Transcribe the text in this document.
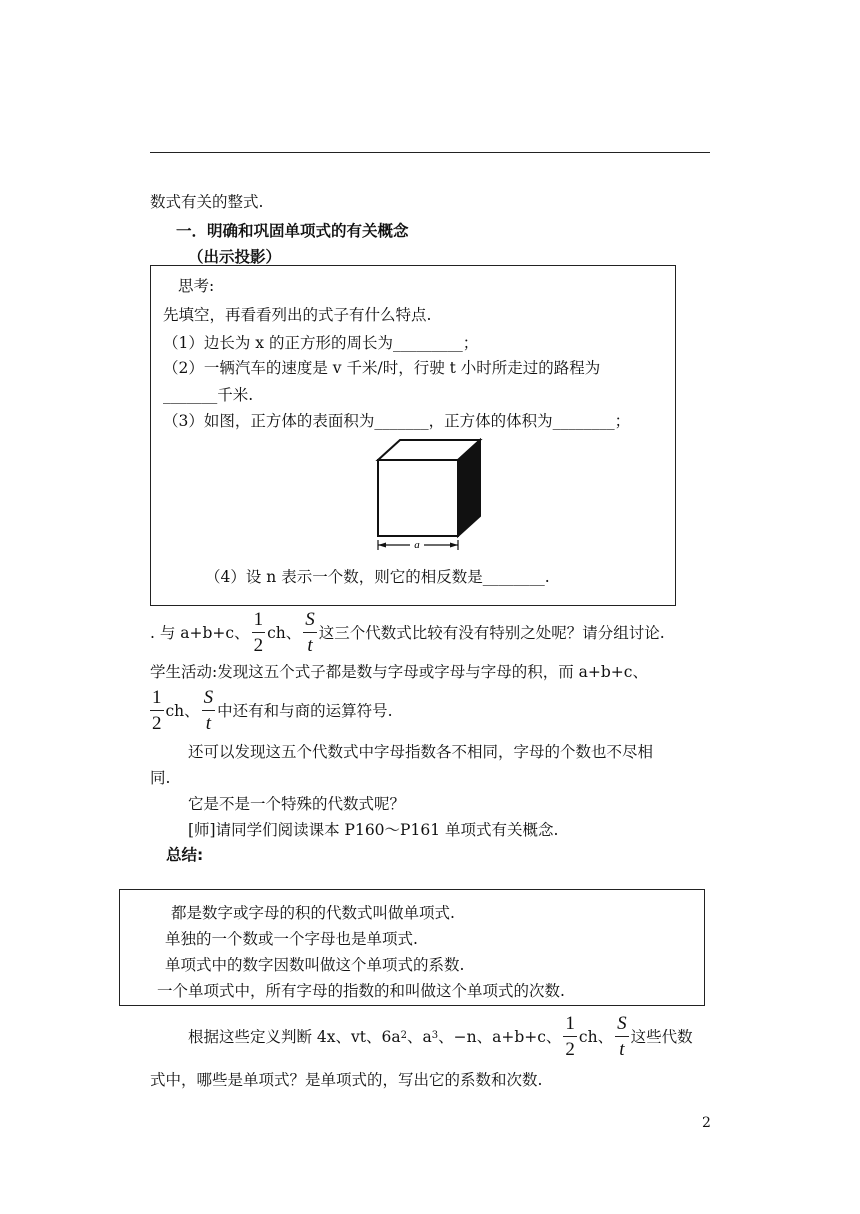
数式有关的整式.
一．明确和巩固单项式的有关概念
（出示投影）
思考:
先填空，再看看列出的式子有什么特点.
（1）边长为 x 的正方形的周长为_________；
（2）一辆汽车的速度是 v 千米/时，行驶 t 小时所走过的路程为
_______千米.
（3）如图，正方体的表面积为_______，正方体的体积为________；
a
（4）设 n 表示一个数，则它的相反数是________.
. 与 a+b+c、 $\frac{1}{2}$ ch、 $\frac{S}{t}$ 这三个代数式比较有没有特别之处呢？请分组讨论.
学生活动:发现这五个式子都是数与字母或字母与字母的积，而 a+b+c、
$\frac{1}{2}$ ch、 $\frac{S}{t}$ 中还有和与商的运算符号.
还可以发现这五个代数式中字母指数各不相同，字母的个数也不尽相
同.
它是不是一个特殊的代数式呢？
[师]请同学们阅读课本 P160～P161 单项式有关概念.
总结:
都是数字或字母的积的代数式叫做单项式.
单独的一个数或一个字母也是单项式.
单项式中的数字因数叫做这个单项式的系数.
一个单项式中，所有字母的指数的和叫做这个单项式的次数.
根据这些定义判断 4x、vt、6a 2 、a 3 、−n、a+b+c、 $\frac{1}{2}$ ch、 $\frac{S}{t}$ 这些代数
式中，哪些是单项式？是单项式的，写出它的系数和次数.
2
